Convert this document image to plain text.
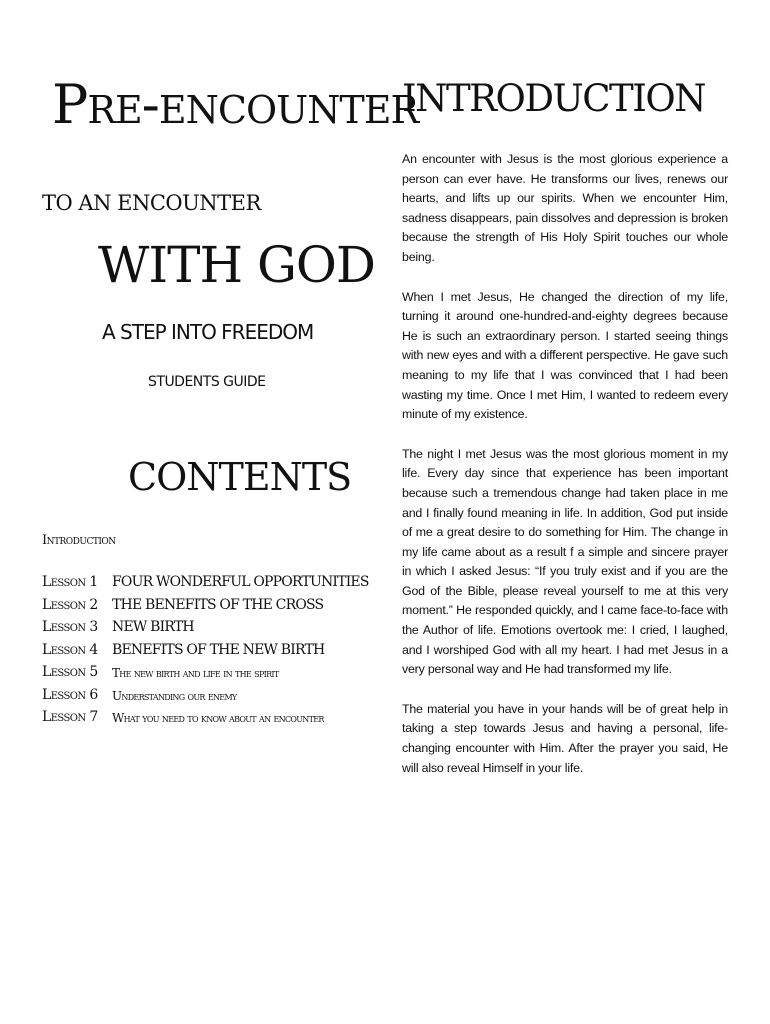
Pre-encounter
TO AN ENCOUNTER
WITH GOD
A STEP INTO FREEDOM
STUDENTS GUIDE
CONTENTS
Introduction
Lesson 1 FOUR WONDERFUL OPPORTUNITIES
Lesson 2 THE BENEFITS OF THE CROSS
Lesson 3 NEW BIRTH
Lesson 4 BENEFITS OF THE NEW BIRTH
Lesson 5 The new birth and life in the spirit
Lesson 6 Understanding our enemy
Lesson 7 What you need to know about an encounter
INTRODUCTION

An encounter with Jesus is the most glorious experience a person can ever have. He transforms our lives, renews our hearts, and lifts up our spirits. When we encounter Him, sadness disappears, pain dissolves and depression is broken because the strength of His Holy Spirit touches our whole being.

When I met Jesus, He changed the direction of my life, turning it around one-hundred-and-eighty degrees because He is such an extraordinary person. I started seeing things with new eyes and with a different perspective. He gave such meaning to my life that I was convinced that I had been wasting my time. Once I met Him, I wanted to redeem every minute of my existence.

The night I met Jesus was the most glorious moment in my life. Every day since that experience has been important because such a tremendous change had taken place in me and I finally found meaning in life. In addition, God put inside of me a great desire to do something for Him. The change in my life came about as a result f a simple and sincere prayer in which I asked Jesus: “If you truly exist and if you are the God of the Bible, please reveal yourself to me at this very moment.” He responded quickly, and I came face-to-face with the Author of life. Emotions overtook me: I cried, I laughed, and I worshiped God with all my heart. I had met Jesus in a very personal way and He had transformed my life.

The material you have in your hands will be of great help in taking a step towards Jesus and having a personal, life-changing encounter with Him. After the prayer you said, He will also reveal Himself in your life.
